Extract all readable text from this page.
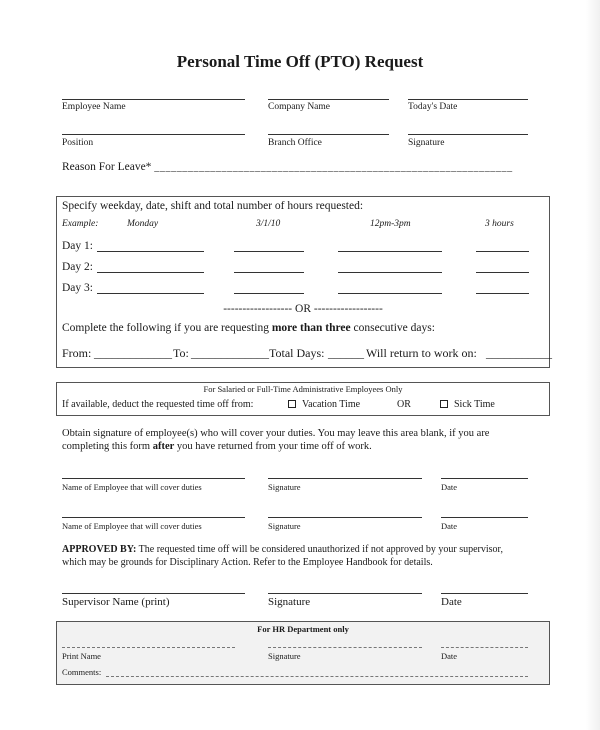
Personal Time Off (PTO) Request
Employee Name	Company Name	Today's Date
Position	Branch Office	Signature
Reason For Leave* ________________________________________________________________
Specify weekday, date, shift and total number of hours requested:
Example:	Monday	3/1/10	12pm-3pm	3 hours
Day 1:
Day 2:
Day 3:
------------------ OR ------------------
Complete the following if you are requesting more than three consecutive days:
From: _____________ To: _____________ Total Days: ______ Will return to work on: ___________
For Salaried or Full-Time Administrative Employees Only
If available, deduct the requested time off from:	Vacation Time	OR	Sick Time
Obtain signature of employee(s) who will cover your duties. You may leave this area blank, if you are
completing this form after you have returned from your time off of work.
Name of Employee that will cover duties	Signature	Date
Name of Employee that will cover duties	Signature	Date
APPROVED BY: The requested time off will be considered unauthorized if not approved by your supervisor,
which may be grounds for Disciplinary Action. Refer to the Employee Handbook for details.
Supervisor Name (print)	Signature	Date
For HR Department only
Print Name	Signature	Date
Comments:
